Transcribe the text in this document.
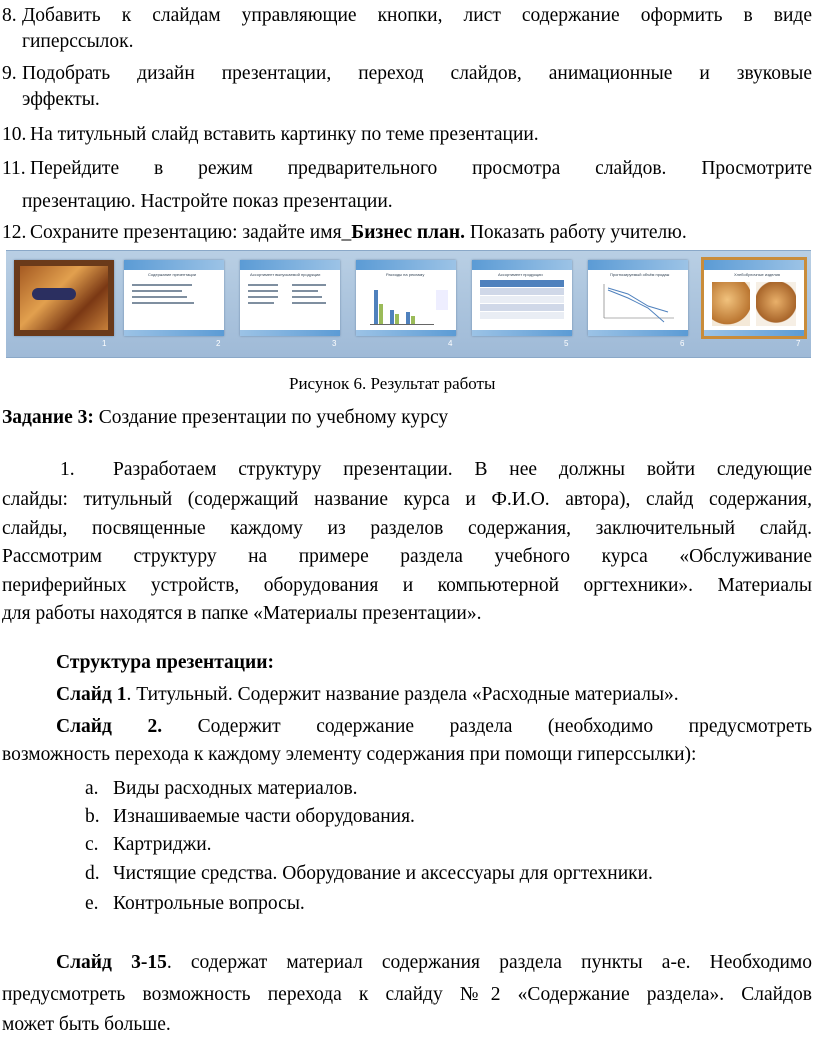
8. Добавить к слайдам управляющие кнопки, лист содержание оформить в виде
гиперссылок.
9. Подобрать дизайн презентации, переход слайдов, анимационные и звуковые
эффекты.
10. На титульный слайд вставить картинку по теме презентации.
11. Перейдите в режим предварительного просмотра слайдов. Просмотрите
презентацию. Настройте показ презентации.
12. Сохраните презентацию: задайте имя_Бизнес план. Показать работу учителю.
1
Содержание презентации
2
Ассортимент выпускаемой продукции
3
Расходы на рекламу
4
Ассортимент продукции
5
Прогнозируемый объём продаж
6
Хлебобулочные изделия
7
Рисунок 6. Результат работы
Задание 3: Создание презентации по учебному курсу
1. Разработаем структуру презентации. В нее должны войти следующие
слайды: титульный (содержащий название курса и Ф.И.О. автора), слайд содержания,
слайды, посвященные каждому из разделов содержания, заключительный слайд.
Рассмотрим структуру на примере раздела учебного курса «Обслуживание
периферийных устройств, оборудования и компьютерной оргтехники». Материалы
для работы находятся в папке «Материалы презентации».
Структура презентации:
Слайд 1. Титульный. Содержит название раздела «Расходные материалы».
Слайд 2. Содержит содержание раздела (необходимо предусмотреть
возможность перехода к каждому элементу содержания при помощи гиперссылки):
a. Виды расходных материалов.
b. Изнашиваемые части оборудования.
c. Картриджи.
d. Чистящие средства. Оборудование и аксессуары для оргтехники.
e. Контрольные вопросы.
Слайд 3-15. содержат материал содержания раздела пункты а-е. Необходимо
предусмотреть возможность перехода к слайду №2 «Содержание раздела». Слайдов
может быть больше.
